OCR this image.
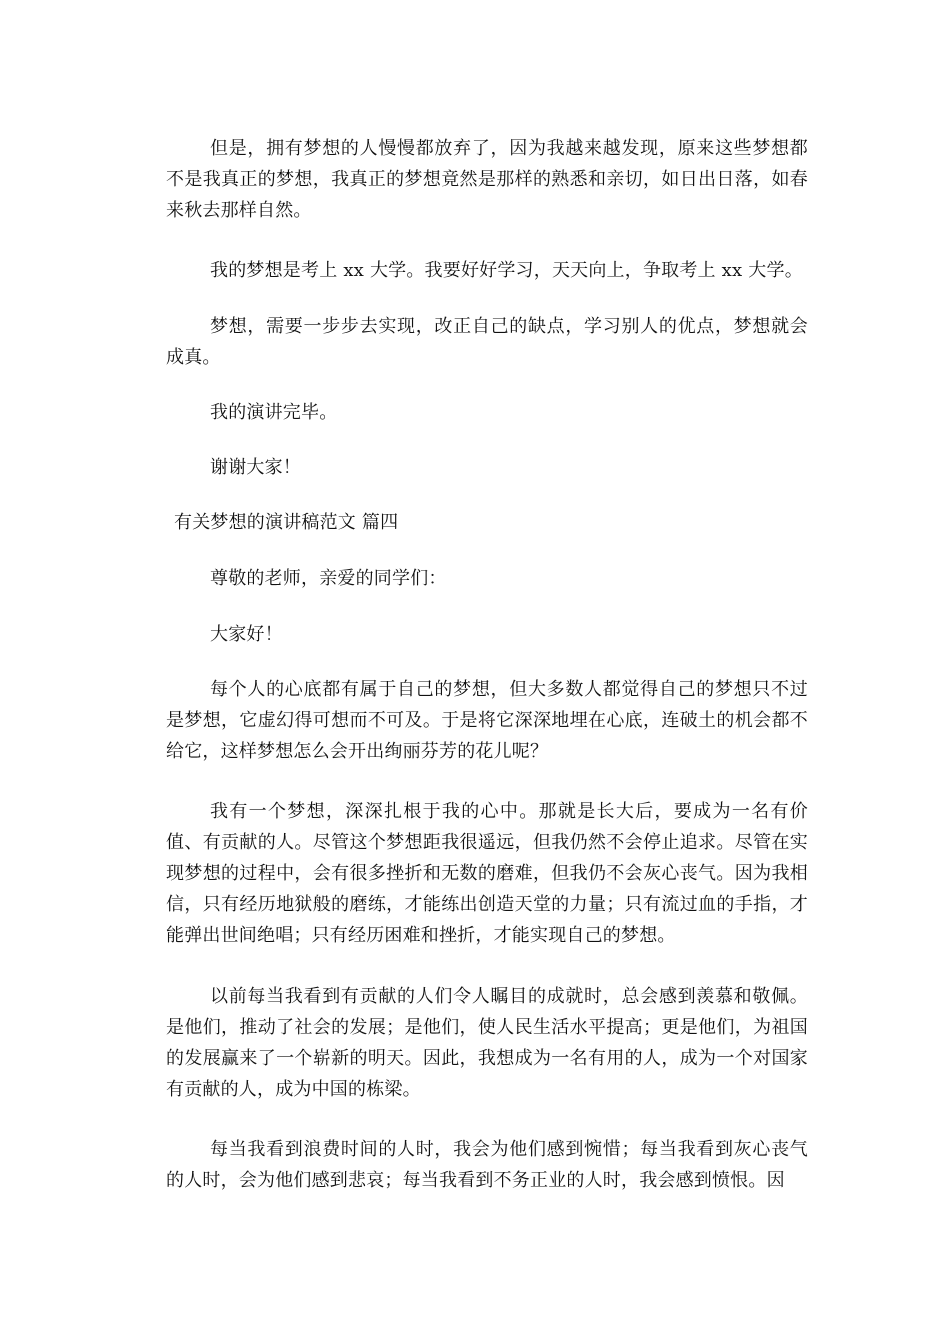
但是，拥有梦想的人慢慢都放弃了，因为我越来越发现，原来这些梦想都不是我真正的梦想，我真正的梦想竟然是那样的熟悉和亲切，如日出日落，如春来秋去那样自然。

我的梦想是考上 xx 大学。我要好好学习，天天向上，争取考上 xx 大学。

梦想，需要一步步去实现，改正自己的缺点，学习别人的优点，梦想就会成真。

我的演讲完毕。

谢谢大家！

有关梦想的演讲稿范文 篇四

尊敬的老师，亲爱的同学们：

大家好！

每个人的心底都有属于自己的梦想，但大多数人都觉得自己的梦想只不过是梦想，它虚幻得可想而不可及。于是将它深深地埋在心底，连破土的机会都不给它，这样梦想怎么会开出绚丽芬芳的花儿呢？

我有一个梦想，深深扎根于我的心中。那就是长大后，要成为一名有价值、有贡献的人。尽管这个梦想距我很遥远，但我仍然不会停止追求。尽管在实现梦想的过程中，会有很多挫折和无数的磨难，但我仍不会灰心丧气。因为我相信，只有经历地狱般的磨练，才能练出创造天堂的力量；只有流过血的手指，才能弹出世间绝唱；只有经历困难和挫折，才能实现自己的梦想。

以前每当我看到有贡献的人们令人瞩目的成就时，总会感到羡慕和敬佩。是他们，推动了社会的发展；是他们，使人民生活水平提高；更是他们，为祖国的发展赢来了一个崭新的明天。因此，我想成为一名有用的人，成为一个对国家有贡献的人，成为中国的栋梁。

每当我看到浪费时间的人时，我会为他们感到惋惜；每当我看到灰心丧气的人时，会为他们感到悲哀；每当我看到不务正业的人时，我会感到愤恨。因
